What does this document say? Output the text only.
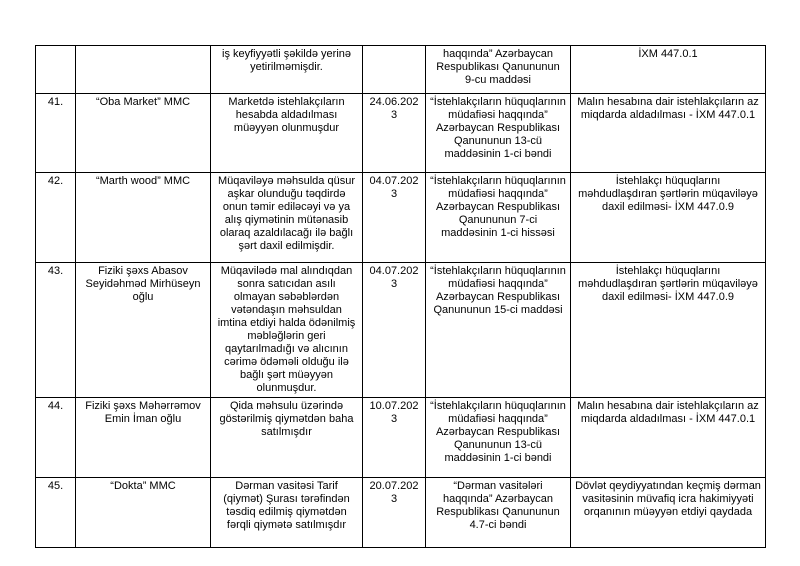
		iş keyfiyyətli şəkildə yerinə yetirilməmişdir.		haqqında” Azərbaycan Respublikası Qanununun 9-cu maddəsi	İXM 447.0.1
41.	“Oba Market” MMC	Marketdə istehlakçıların hesabda aldadılması müəyyən olunmuşdur	24.06.2023	“İstehlakçıların hüquqlarının müdafiəsi haqqında” Azərbaycan Respublikası Qanununun 13-cü maddəsinin 1-ci bəndi	Malın hesabına dair istehlakçıların az miqdarda aldadılması - İXM 447.0.1
42.	“Marth wood” MMC	Müqaviləyə məhsulda qüsur aşkar olunduğu təqdirdə onun təmir ediləcəyi və ya alış qiymətinin mütənasib olaraq azaldılacağı ilə bağlı şərt daxil edilmişdir.	04.07.2023	“İstehlakçıların hüquqlarının müdafiəsi haqqında” Azərbaycan Respublikası Qanununun 7-ci maddəsinin 1-ci hissəsi	İstehlakçı hüquqlarını məhdudlaşdıran şərtlərin müqaviləyə daxil edilməsi- İXM 447.0.9
43.	Fiziki şəxs Abasov Seyidəhməd Mirhüseyn oğlu	Müqavilədə mal alındıqdan sonra satıcıdan asılı olmayan səbəblərdən vətəndaşın məhsuldan imtina etdiyi halda ödənilmiş məbləğlərin geri qaytarılmadığı və alıcının cərimə ödəməli olduğu ilə bağlı şərt müəyyən olunmuşdur.	04.07.2023	“İstehlakçıların hüquqlarının müdafiəsi haqqında” Azərbaycan Respublikası Qanununun 15-ci maddəsi	İstehlakçı hüquqlarını məhdudlaşdıran şərtlərin müqaviləyə daxil edilməsi- İXM 447.0.9
44.	Fiziki şəxs Məhərrəmov Emin İman oğlu	Qida məhsulu üzərində göstərilmiş qiymətdən baha satılmışdır	10.07.2023	“İstehlakçıların hüquqlarının müdafiəsi haqqında” Azərbaycan Respublikası Qanununun 13-cü maddəsinin 1-ci bəndi	Malın hesabına dair istehlakçıların az miqdarda aldadılması - İXM 447.0.1
45.	“Dokta” MMC	Dərman vasitəsi Tarif (qiymət) Şurası tərəfindən təsdiq edilmiş qiymətdən fərqli qiymətə satılmışdır	20.07.2023	“Dərman vasitələri haqqında” Azərbaycan Respublikası Qanununun 4.7-ci bəndi	Dövlət qeydiyyatından keçmiş dərman vasitəsinin müvafiq icra hakimiyyəti orqanının müəyyən etdiyi qaydada
